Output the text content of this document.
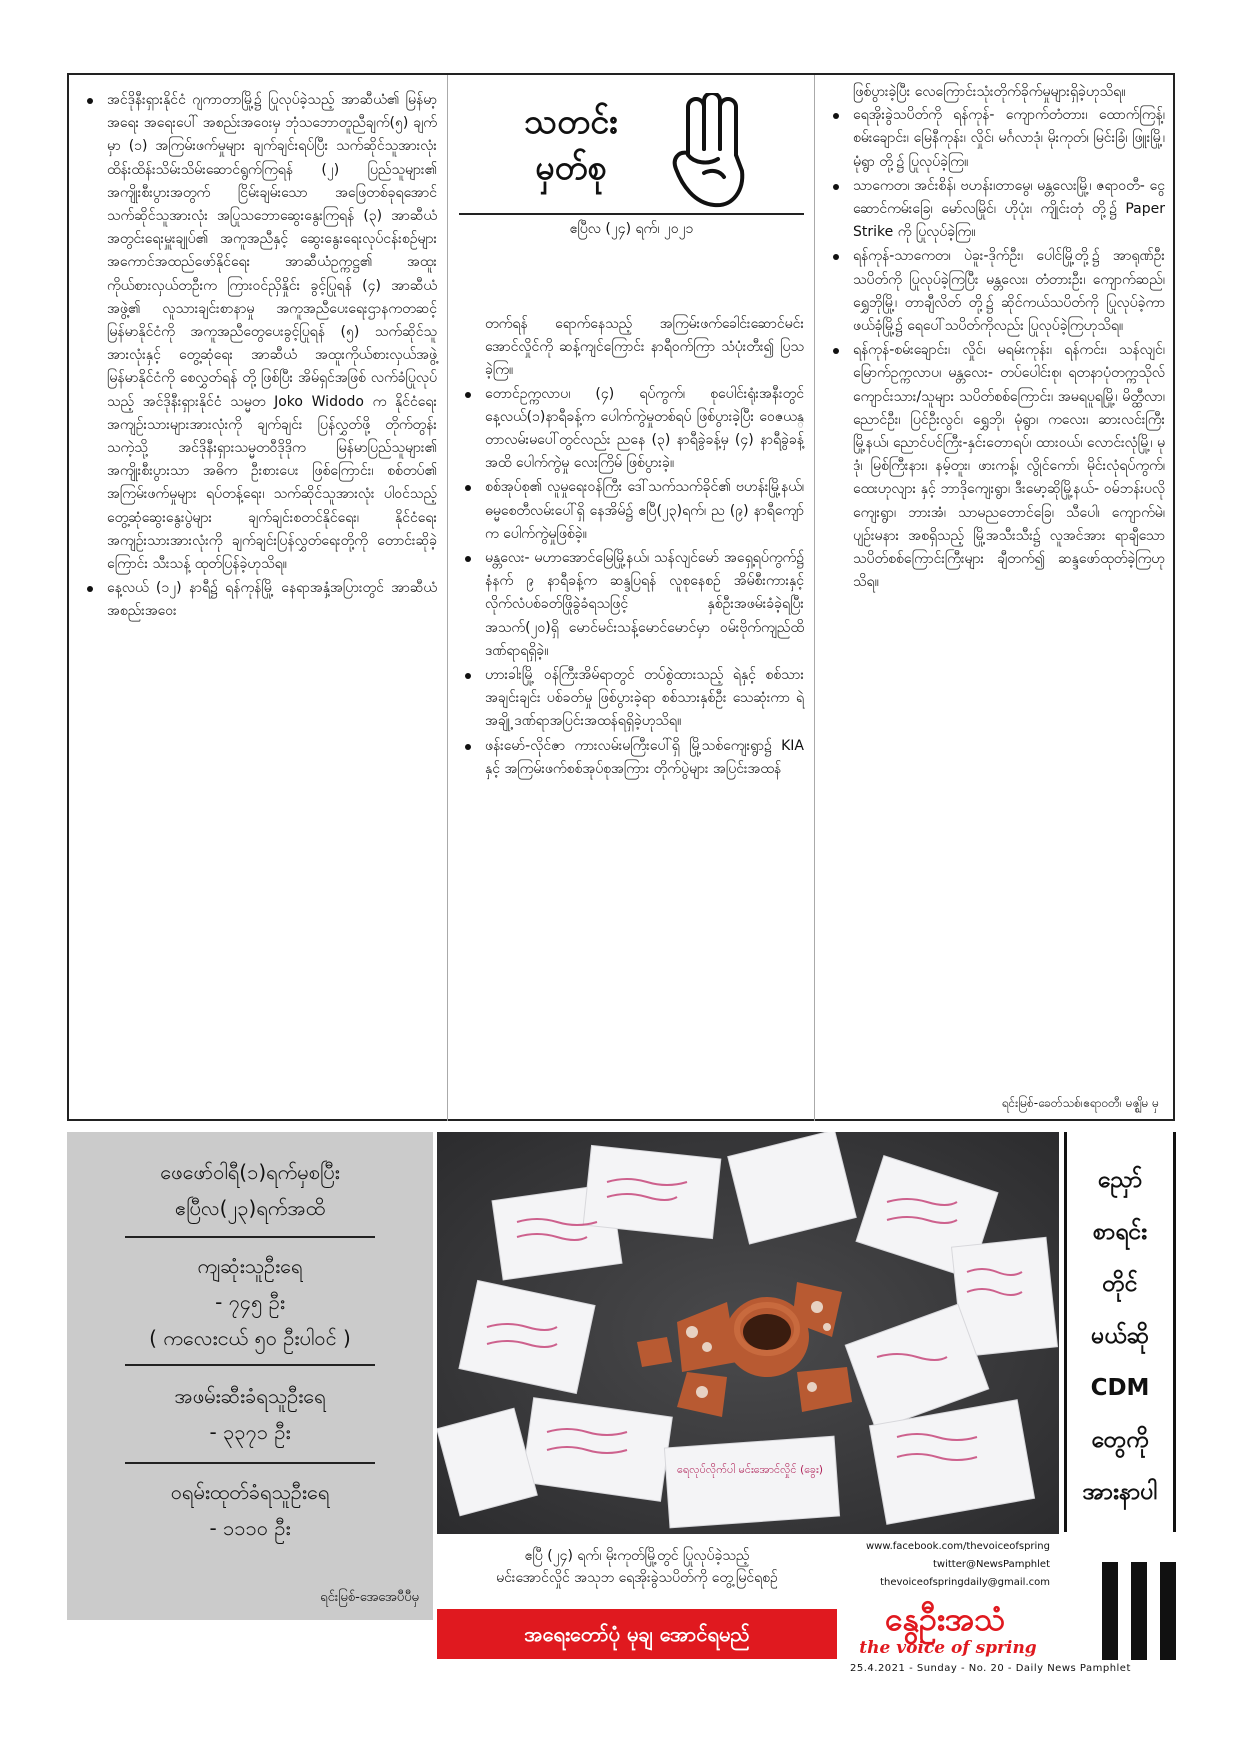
အင်ဒိုနီးရှားနိုင်ငံ ဂျကာတာမြို့၌ ပြုလုပ်ခဲ့သည့် အာဆီယံ၏ မြန်မာ့အရေး အရေးပေါ် အစည်းအဝေးမှ ဘုံသဘောတူညီချက်(၅) ချက်မှာ (၁) အကြမ်းဖက်မှုများ ချက်ချင်းရပ်ပြီး သက်ဆိုင်သူအားလုံး ထိန်းထိန်းသိမ်းသိမ်းဆောင်ရွက်ကြရန် (၂) ပြည်သူများ၏ အကျိုးစီးပွားအတွက် ငြိမ်းချမ်းသော အဖြေတစ်ခုရအောင် သက်ဆိုင်သူအားလုံး အပြုသဘောဆွေးနွေးကြရန် (၃) အာဆီယံအတွင်းရေးမှူးချုပ်၏ အကူအညီနှင့် ဆွေးနွေးရေးလုပ်ငန်းစဉ်များ အကောင်အထည်ဖော်နိုင်ရေး အာဆီယံဥက္ကဋ္ဌ၏ အထူး ကိုယ်စားလှယ်တဦးက ကြားဝင်ညှိနှိုင်း ခွင့်ပြုရန် (၄) အာဆီယံအဖွဲ့၏ လူသားချင်းစာနာမှု အကူအညီပေးရေးဌာနကတဆင့် မြန်မာနိုင်ငံကို အကူအညီတွေပေးခွင့်ပြုရန် (၅) သက်ဆိုင်သူအားလုံးနှင့် တွေ့ဆုံရေး အာဆီယံ အထူးကိုယ်စားလှယ်အဖွဲ့ မြန်မာနိုင်ငံကို စေလွှတ်ရန် တို့ ဖြစ်ပြီး အိမ်ရှင်အဖြစ် လက်ခံပြုလုပ်သည့် အင်ဒိုနီးရှားနိုင်ငံ သမ္မတ Joko Widodo က နိုင်ငံရေး အကျဉ်းသားများအားလုံးကို ချက်ချင်း ပြန်လွှတ်ဖို့ တိုက်တွန်းသကဲ့သို့ အင်ဒိုနီးရှားသမ္မတဝီဒိုဒိုက မြန်မာပြည်သူများ၏ အကျိုးစီးပွားသာ အဓိက ဦးစားပေး ဖြစ်ကြောင်း၊ စစ်တပ်၏ အကြမ်းဖက်မှုများ ရပ်တန့်ရေး၊ သက်ဆိုင်သူအားလုံး ပါဝင်သည့် တွေ့ဆုံဆွေးနွေးပွဲများ ချက်ချင်းစတင်နိုင်ရေး၊ နိုင်ငံရေး အကျဉ်းသားအားလုံးကို ချက်ချင်းပြန်လွှတ်ရေးတို့ကို တောင်းဆိုခဲ့ကြောင်း သီးသန့် ထုတ်ပြန်ခဲ့ဟုသိရ။
နေ့လယ် (၁၂) နာရီ၌ ရန်ကုန်မြို့ နေရာအနှံ့အပြားတွင် အာဆီယံ အစည်းအဝေး
သတင်း
မှတ်စု
ဧပြီလ (၂၄) ရက်၊ ၂၀၂၁
တက်ရန် ရောက်နေသည့် အကြမ်းဖက်ခေါင်းဆောင်မင်းအောင်လှိုင်ကို ဆန့်ကျင်ကြောင်း နာရီဝက်ကြာ သံပုံးတီး၍ ပြသခဲ့ကြ။
တောင်ဥက္ကလာပ၊ (၄) ရပ်ကွက်၊ စုပေါင်းရုံးအနီးတွင် နေ့လယ်(၁)နာရီခန့်က ပေါက်ကွဲမှုတစ်ရပ် ဖြစ်ပွားခဲ့ပြီး ဝေဇယန္တာလမ်းမပေါ်တွင်လည်း ညနေ (၃) နာရီခွဲခန့်မှ (၄) နာရီခွဲခန့်အထိ ပေါက်ကွဲမှု လေးကြိမ် ဖြစ်ပွားခဲ့။
စစ်အုပ်စု၏ လူမှုရေးဝန်ကြီး ဒေါ်သက်သက်ခိုင်၏ ဗဟန်းမြို့နယ်၊ ဓမ္မစေတီလမ်းပေါ်ရှိ နေအိမ်၌ ဧပြီ(၂၃)ရက်၊ ည (၉) နာရီကျော်က ပေါက်ကွဲမှုဖြစ်ခဲ့။
မန္တလေး- မဟာအောင်မြေမြို့နယ်၊ သန်လျင်မော် အရှေ့ရပ်ကွက်၌ နံနက် ၉ နာရီခန့်က ဆန္ဒပြရန် လူစုနေစဉ် အိမ်စီးကားနှင့် လိုက်လံပစ်ခတ်ဖြိုခွဲခံရသဖြင့် နှစ်ဦးအဖမ်းခံခဲ့ရပြီး အသက်(၂၀)ရှိ မောင်မင်းသန့်မောင်မောင်မှာ ဝမ်းဗိုက်ကျည်ထိ ဒဏ်ရာရရှိခဲ့။
ဟားခါးမြို့ ဝန်ကြီးအိမ်ရာတွင် တပ်စွဲထားသည့် ရဲနှင့် စစ်သားအချင်းချင်း ပစ်ခတ်မှု ဖြစ်ပွားခဲ့ရာ စစ်သားနှစ်ဦး သေဆုံးကာ ရဲအချို့ ဒဏ်ရာအပြင်းအထန်ရရှိခဲ့ဟုသိရ။
ဖန်းမော်-လိုင်ဇာ ကားလမ်းမကြီးပေါ်ရှိ မြို့သစ်ကျေးရွာ၌ KIA နှင့် အကြမ်းဖက်စစ်အုပ်စုအကြား တိုက်ပွဲများ အပြင်းအထန်
ဖြစ်ပွားခဲ့ပြီး လေကြောင်းသုံးတိုက်ခိုက်မှုများရှိခဲ့ဟုသိရ။
ရေအိုးခွဲသပိတ်ကို ရန်ကုန်- ကျောက်တံတား၊ ထောက်ကြန့်၊ စမ်းချောင်း၊ မြေနီကုန်း၊ လှိုင်၊ မင်္ဂလာဒုံ၊ မိုးကုတ်၊ မြင်းခြံ၊ ဖြူးမြို့၊ မုံရွာ တို့၌ ပြုလုပ်ခဲ့ကြ။
သာကေတ၊ အင်းစိန်၊ ဗဟန်း၊တာမွေ၊ မန္တလေးမြို့၊ ဇရာဝတီ- ငွေဆောင်ကမ်းခြေ၊ မော်လမြိုင်၊ ဟိုပုံး၊ ကျိုင်းတုံ တို့၌ Paper Strike ကို ပြုလုပ်ခဲ့ကြ။
ရန်ကုန်-သာကေတ၊ ပဲခူး-ဒိုက်ဦး၊ ပေါင်မြို့တို့၌ အာရုဏ်ဦးသပိတ်ကို ပြုလုပ်ခဲ့ကြပြီး မန္တလေး၊ တံတားဦး၊ ကျောက်ဆည်၊ ရွှေဘိုမြို့၊ တာချီလိတ် တို့၌ ဆိုင်ကယ်သပိတ်ကို ပြုလုပ်ခဲ့ကာ ဖယ်ခုံမြို့၌ ရေပေါ်သပိတ်ကိုလည်း ပြုလုပ်ခဲ့ကြဟုသိရ။
ရန်ကုန်-စမ်းချောင်း၊ လှိုင်၊ မရမ်းကုန်း၊ ရန်ကင်း၊ သန်လျင်၊ မြောက်ဥက္ကလာပ၊ မန္တလေး- တပ်ပေါင်းစု၊ ရတနာပုံတက္ကသိုလ် ကျောင်းသား/သူများ သပိတ်စစ်ကြောင်း၊ အမရပူရမြို့၊ မိတ္ထီလာ၊ ညောင်ဦး၊ ပြင်ဦးလွင်၊ ရွှေဘို၊ မုံရွာ၊ ကလေး၊ ဆားလင်းကြီးမြို့နယ်၊ ညောင်ပင်ကြီး-နှင်းတောရပ်၊ ထားဝယ်၊ လောင်းလုံမြို့၊ မုဒုံ၊ မြစ်ကြီးနား၊ နမ့်တူး၊ ဖားကန့်၊ လွိုင်ကော်၊ မိုင်းလုံရပ်ကွက်၊ ထေးဟုလျား နှင့် ဘာဒိုကျေးရွာ၊ ဒီးမော့ဆိုမြို့နယ်- ဝမ်ဘန်းပလိုကျေးရွာ၊ ဘားအံ၊ သာမညတောင်ခြေ၊ သီပေါ၊ ကျောက်မဲ၊ ပျဉ်းမနား အစရှိသည့် မြို့အသီးသီး၌ လူအင်အား ရာချီသော သပိတ်စစ်ကြောင်းကြီးများ ချီတက်၍ ဆန္ဒဖော်ထုတ်ခဲ့ကြဟု သိရ။
ရင်းမြစ်-ခေတ်သစ်၊ဧရာဝတီ၊ မဇ္ဈိမ မှ
ဖေဖော်ဝါရီ(၁)ရက်မှစပြီး
ဧပြီလ(၂၃)ရက်အထိ
ကျဆုံးသူဦးရေ
- ၇၄၅ ဦး
( ကလေးငယ် ၅၀ ဦးပါဝင် )
အဖမ်းဆီးခံရသူဦးရေ
- ၃၃၇၁ ဦး
ဝရမ်းထုတ်ခံရသူဦးရေ
- ၁၁၁၀ ဦး
ရင်းမြစ်-အေအေပီပီမှ
ရေလုပ်လိုက်ပါ မင်းအောင်လှိုင် (ခွေး)
ဧပြီ (၂၄) ရက်၊ မိုးကုတ်မြို့တွင် ပြုလုပ်ခဲ့သည့်
မင်းအောင်လှိုင် အသုဘ ရေအိုးခွဲသပိတ်ကို တွေ့မြင်ရစဉ်
အရေးတော်ပုံ မုချ အောင်ရမည်
ညှော်
စာရင်း
တိုင်
မယ်ဆို
CDM
တွေကို
အားနာပါ
www.facebook.com/thevoiceofspring
twitter@NewsPamphlet
thevoiceofspringdaily@gmail.com
နွေဦးအသံ
the voice of spring
25.4.2021 - Sunday - No. 20 - Daily News Pamphlet
